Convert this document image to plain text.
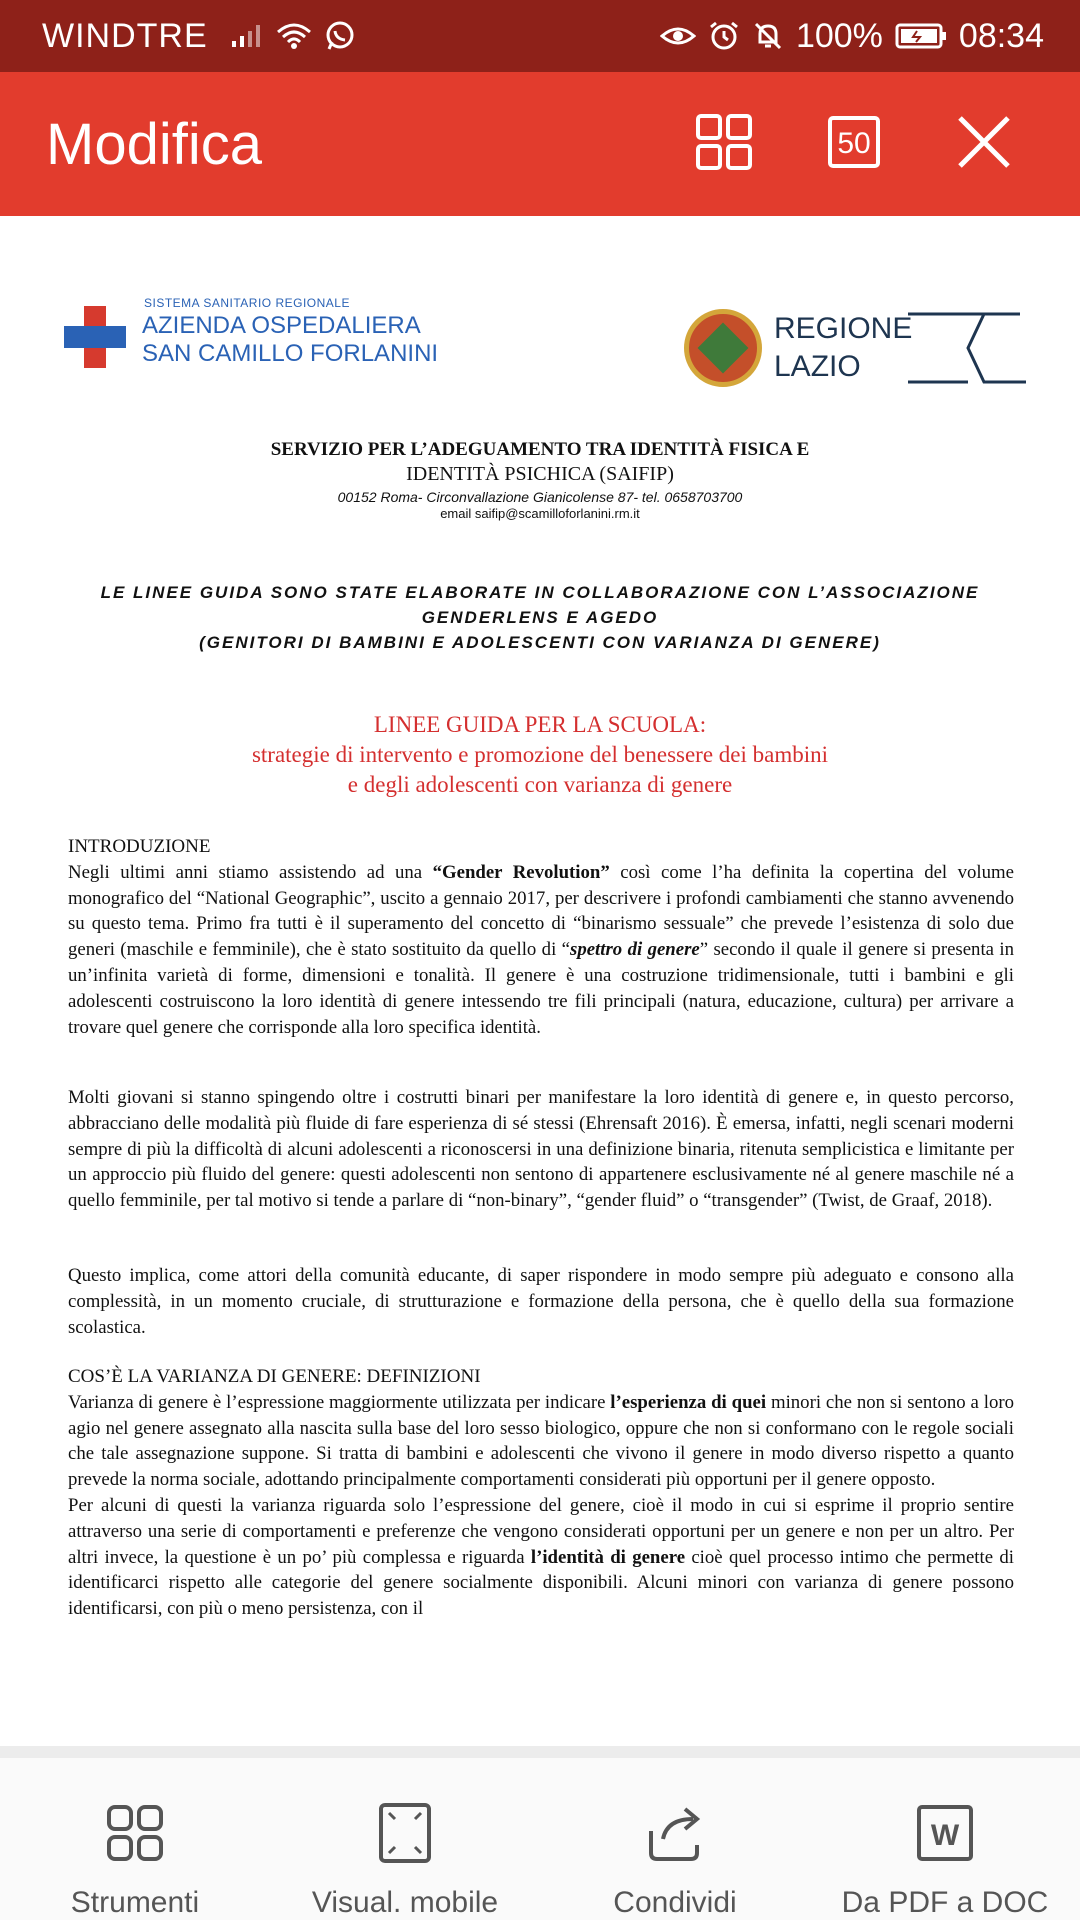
WINDTRE	100% 08:34
Modifica	50
SISTEMA SANITARIO REGIONALE
AZIENDA OSPEDALIERA
SAN CAMILLO FORLANINI
REGIONE
LAZIO
SERVIZIO PER L’ADEGUAMENTO TRA IDENTITÀ FISICA E
IDENTITÀ PSICHICA (SAIFIP)
00152 Roma- Circonvallazione Gianicolense 87- tel. 0658703700
email saifip@scamilloforlanini.rm.it
LE LINEE GUIDA SONO STATE ELABORATE IN COLLABORAZIONE CON L’ASSOCIAZIONE
GENDERLENS E AGEDO
(GENITORI DI BAMBINI E ADOLESCENTI CON VARIANZA DI GENERE)
LINEE GUIDA PER LA SCUOLA:
strategie di intervento e promozione del benessere dei bambini
e degli adolescenti con varianza di genere
INTRODUZIONE
Negli ultimi anni stiamo assistendo ad una “Gender Revolution” così come l’ha definita la copertina del volume monografico del “National Geographic”, uscito a gennaio 2017, per descrivere i profondi cambiamenti che stanno avvenendo su questo tema. Primo fra tutti è il superamento del concetto di “binarismo sessuale” che prevede l’esistenza di solo due generi (maschile e femminile), che è stato sostituito da quello di “spettro di genere” secondo il quale il genere si presenta in un’infinita varietà di forme, dimensioni e tonalità. Il genere è una costruzione tridimensionale, tutti i bambini e gli adolescenti costruiscono la loro identità di genere intessendo tre fili principali (natura, educazione, cultura) per arrivare a trovare quel genere che corrisponde alla loro specifica identità.
Molti giovani si stanno spingendo oltre i costrutti binari per manifestare la loro identità di genere e, in questo percorso, abbracciano delle modalità più fluide di fare esperienza di sé stessi (Ehrensaft 2016). È emersa, infatti, negli scenari moderni sempre di più la difficoltà di alcuni adolescenti a riconoscersi in una definizione binaria, ritenuta semplicistica e limitante per un approccio più fluido del genere: questi adolescenti non sentono di appartenere esclusivamente né al genere maschile né a quello femminile, per tal motivo si tende a parlare di “non-binary”, “gender fluid” o “transgender” (Twist, de Graaf, 2018).
Questo implica, come attori della comunità educante, di saper rispondere in modo sempre più adeguato e consono alla complessità, in un momento cruciale, di strutturazione e formazione della persona, che è quello della sua formazione scolastica.
COS’È LA VARIANZA DI GENERE: DEFINIZIONI
Varianza di genere è l’espressione maggiormente utilizzata per indicare l’esperienza di quei minori che non si sentono a loro agio nel genere assegnato alla nascita sulla base del loro sesso biologico, oppure che non si conformano con le regole sociali che tale assegnazione suppone. Si tratta di bambini e adolescenti che vivono il genere in modo diverso rispetto a quanto prevede la norma sociale, adottando principalmente comportamenti considerati più opportuni per il genere opposto.
Per alcuni di questi la varianza riguarda solo l’espressione del genere, cioè il modo in cui si esprime il proprio sentire attraverso una serie di comportamenti e preferenze che vengono considerati opportuni per un genere e non per un altro. Per altri invece, la questione è un po’ più complessa e riguarda l’identità di genere cioè quel processo intimo che permette di identificarci rispetto alle categorie del genere socialmente disponibili. Alcuni minori con varianza di genere possono identificarsi, con più o meno persistenza, con il
Strumenti	Visual. mobile	Condividi
W
Da PDF a DOC
